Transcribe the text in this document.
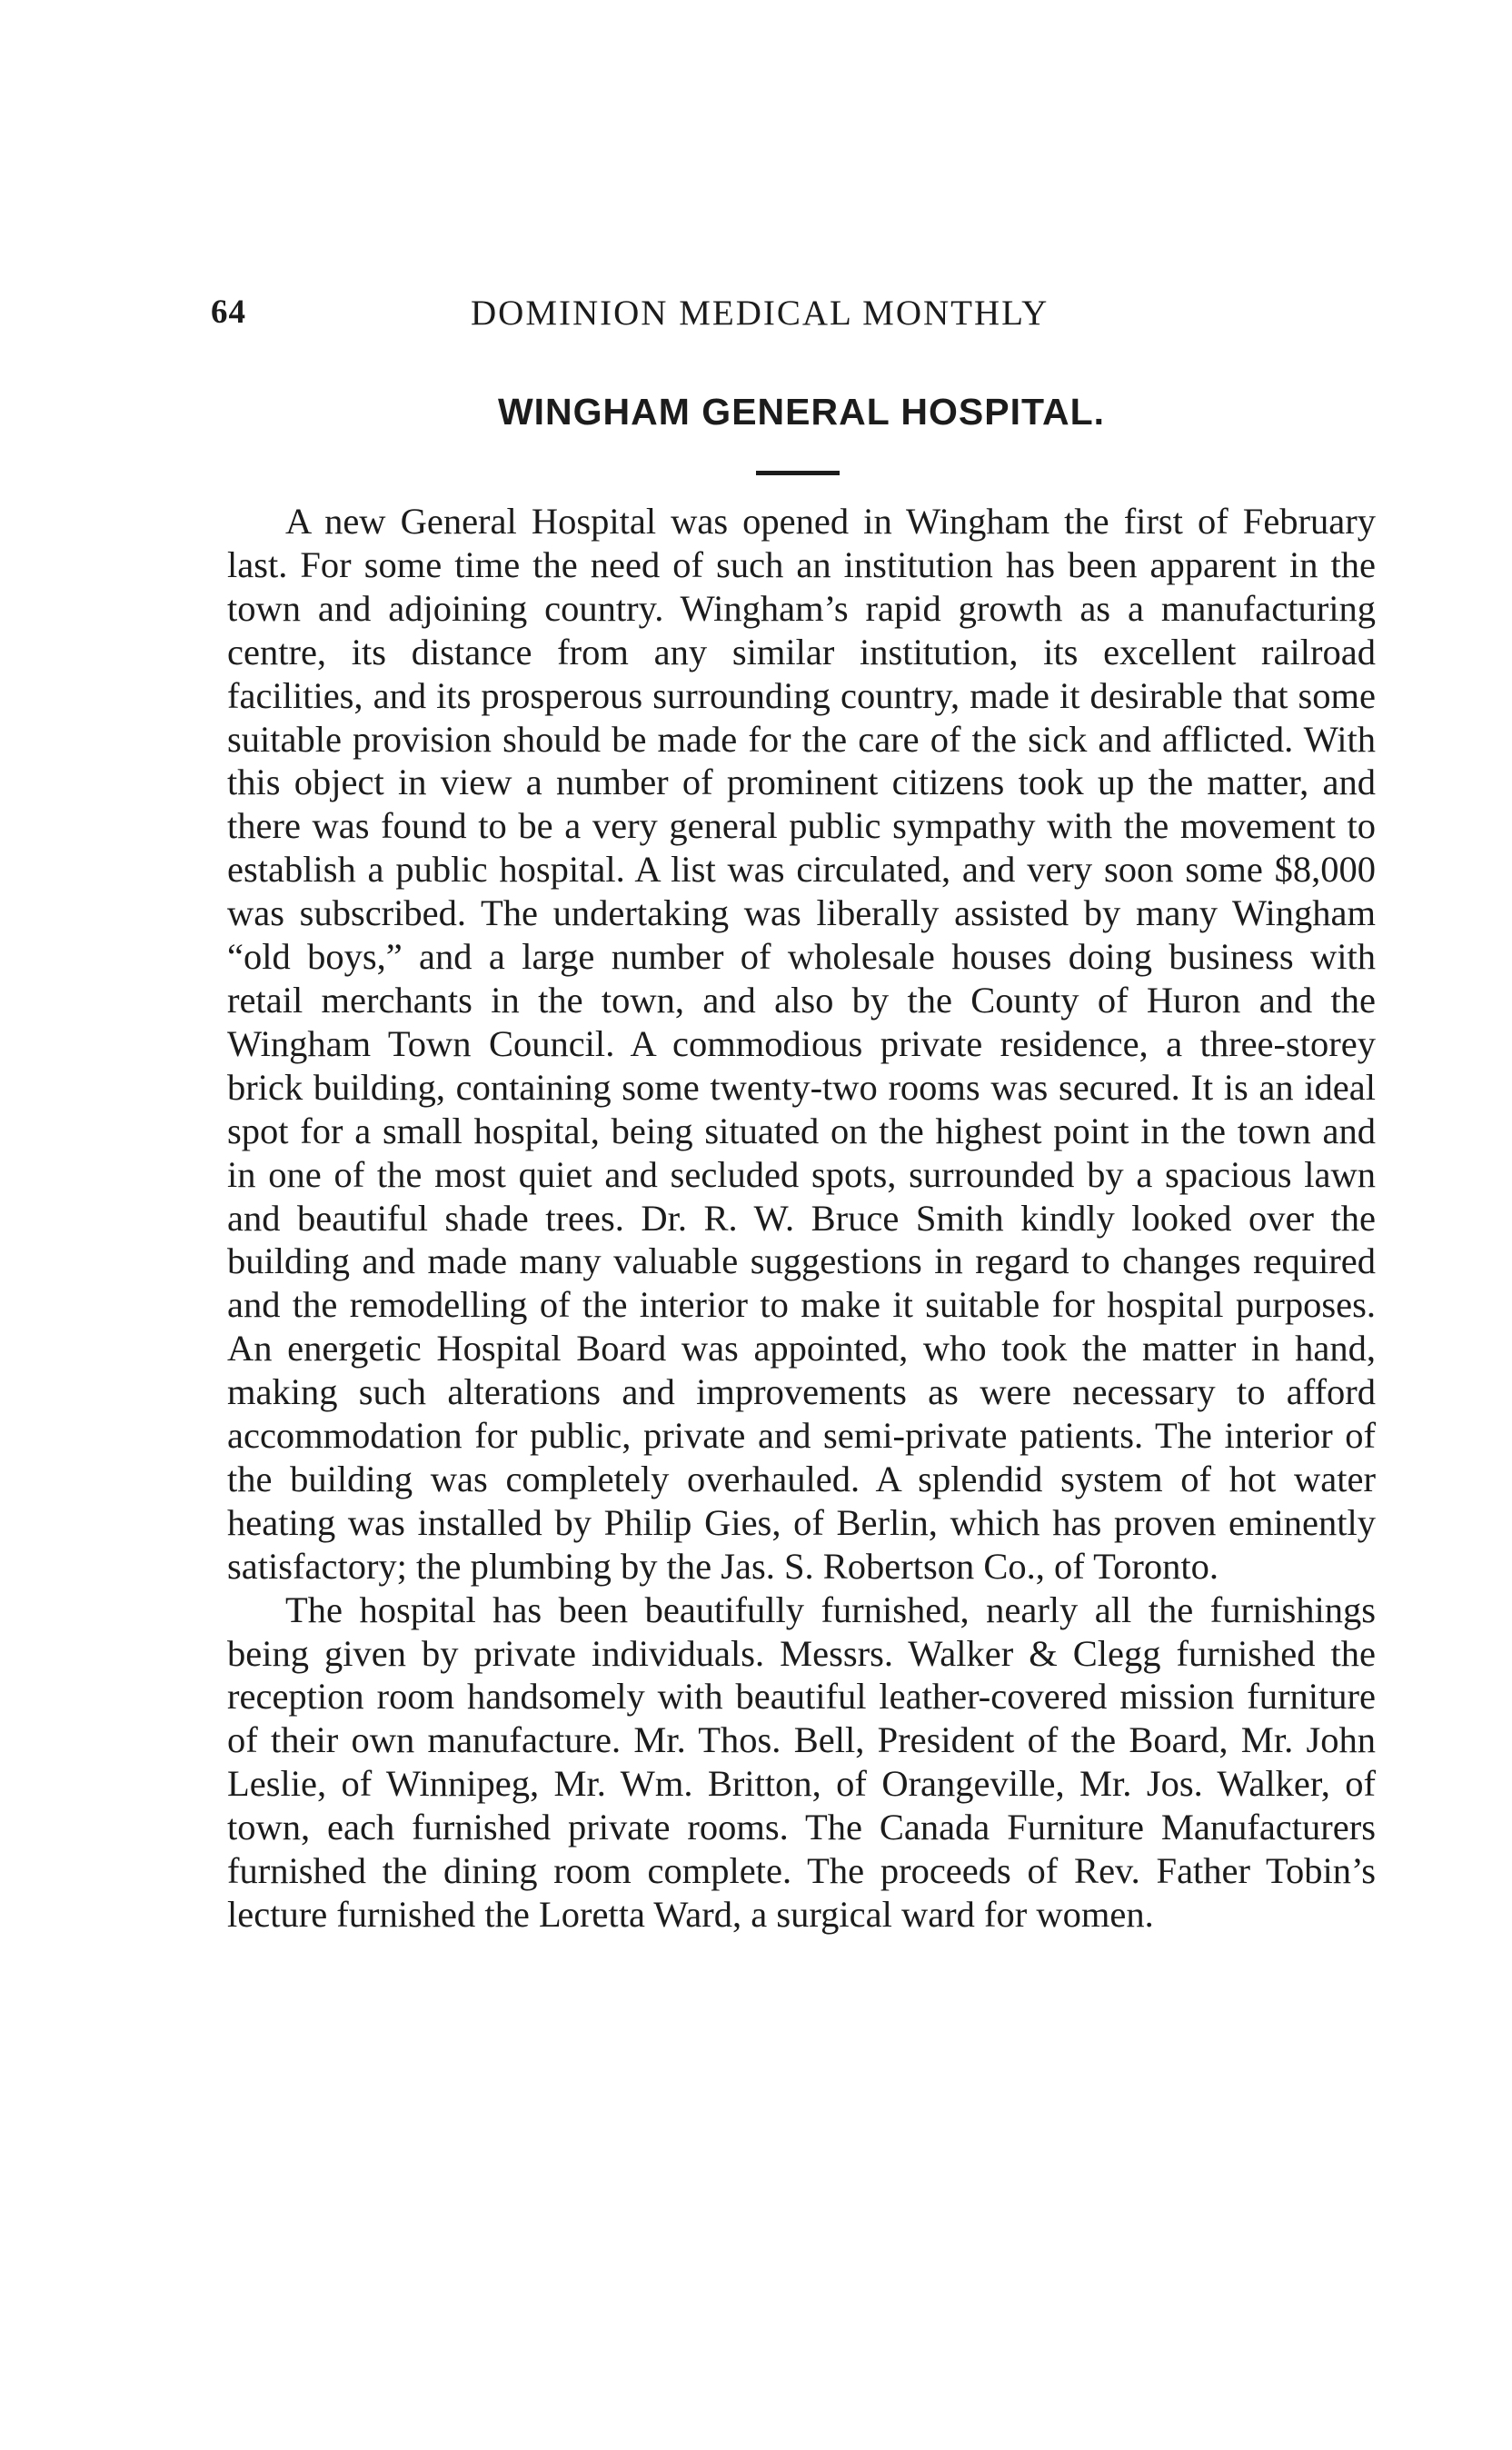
64	DOMINION MEDICAL MONTHLY
WINGHAM GENERAL HOSPITAL.

A new General Hospital was opened in Wingham the first of February last. For some time the need of such an institution has been apparent in the town and adjoining country. Wingham’s rapid growth as a manufacturing centre, its distance from any similar institution, its excellent railroad facilities, and its prosperous surrounding country, made it desirable that some suitable provision should be made for the care of the sick and afflicted. With this object in view a number of prominent citizens took up the matter, and there was found to be a very general public sympathy with the movement to establish a public hospital. A list was circulated, and very soon some $8,000 was subscribed. The undertaking was liberally assisted by many Wingham “old boys,” and a large number of wholesale houses doing business with retail merchants in the town, and also by the County of Huron and the Wingham Town Council. A commodious private residence, a three-storey brick building, containing some twenty-two rooms was secured. It is an ideal spot for a small hospital, being situated on the highest point in the town and in one of the most quiet and secluded spots, surrounded by a spacious lawn and beautiful shade trees. Dr. R. W. Bruce Smith kindly looked over the building and made many valuable suggestions in regard to changes required and the remodelling of the interior to make it suitable for hospital purposes. An energetic Hospital Board was appointed, who took the matter in hand, making such alterations and improvements as were necessary to afford accommodation for public, private and semi-private patients. The interior of the building was completely overhauled. A splendid system of hot water heating was installed by Philip Gies, of Berlin, which has proven eminently satisfactory; the plumbing by the Jas. S. Robertson Co., of Toronto.

The hospital has been beautifully furnished, nearly all the furnishings being given by private individuals. Messrs. Walker & Clegg furnished the reception room handsomely with beautiful leather-covered mission furniture of their own manufacture. Mr. Thos. Bell, President of the Board, Mr. John Leslie, of Winnipeg, Mr. Wm. Britton, of Orangeville, Mr. Jos. Walker, of town, each furnished private rooms. The Canada Furniture Manufacturers furnished the dining room complete. The proceeds of Rev. Father Tobin’s lecture furnished the Loretta Ward, a surgical ward for women.
